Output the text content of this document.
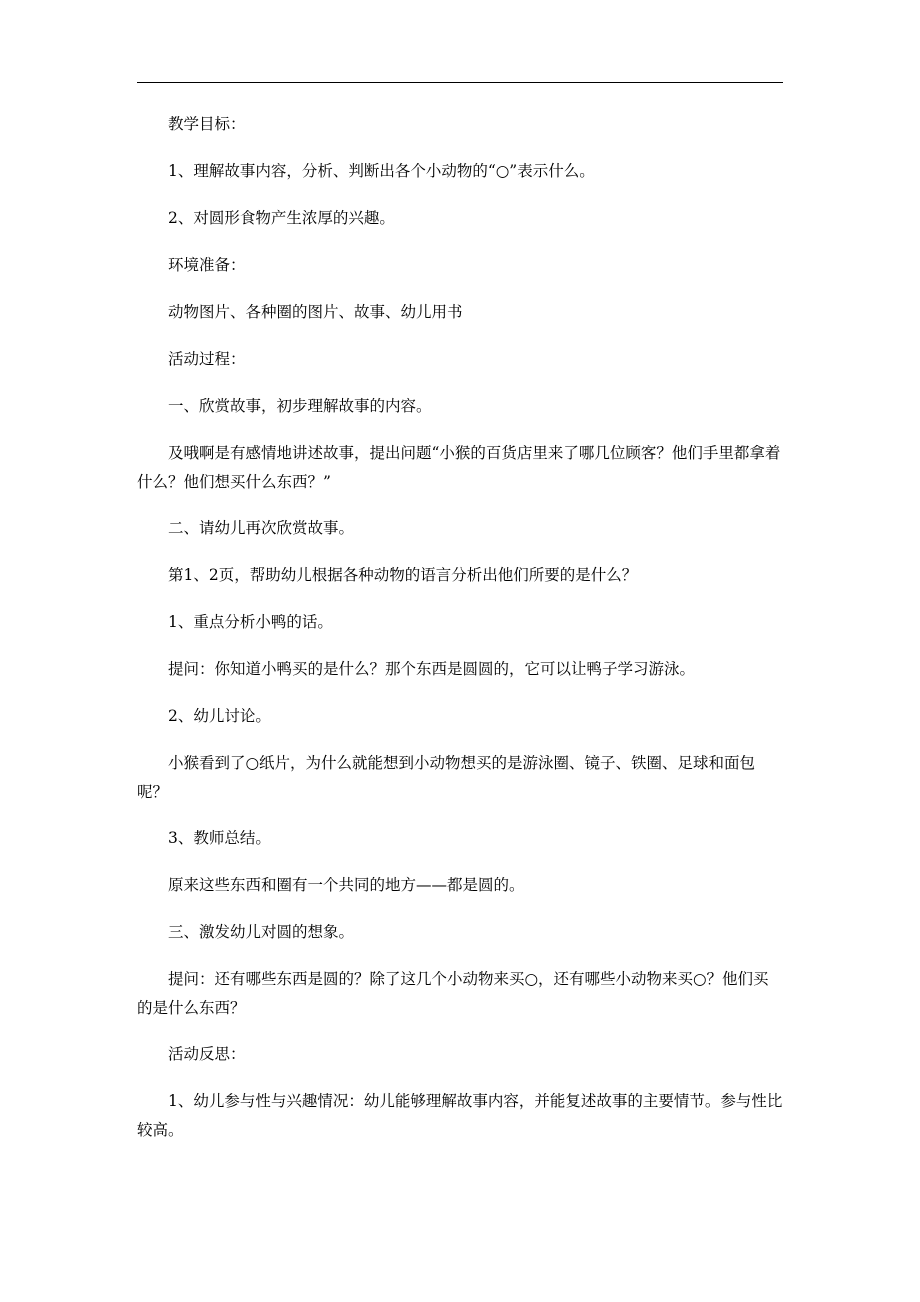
教学目标：

1、理解故事内容，分析、判断出各个小动物的“○”表示什么。

2、对圆形食物产生浓厚的兴趣。

环境准备：

动物图片、各种圈的图片、故事、幼儿用书

活动过程：

一、欣赏故事，初步理解故事的内容。

及哦啊是有感情地讲述故事，提出问题“小猴的百货店里来了哪几位顾客？他们手里都拿着什么？他们想买什么东西？”

二、请幼儿再次欣赏故事。

第1、2页，帮助幼儿根据各种动物的语言分析出他们所要的是什么？

1、重点分析小鸭的话。

提问：你知道小鸭买的是什么？那个东西是圆圆的，它可以让鸭子学习游泳。

2、幼儿讨论。

小猴看到了○纸片，为什么就能想到小动物想买的是游泳圈、镜子、铁圈、足球和面包呢？

3、教师总结。

原来这些东西和圈有一个共同的地方——都是圆的。

三、激发幼儿对圆的想象。

提问：还有哪些东西是圆的？除了这几个小动物来买○，还有哪些小动物来买○？他们买的是什么东西？

活动反思：

1、幼儿参与性与兴趣情况：幼儿能够理解故事内容，并能复述故事的主要情节。参与性比较高。
